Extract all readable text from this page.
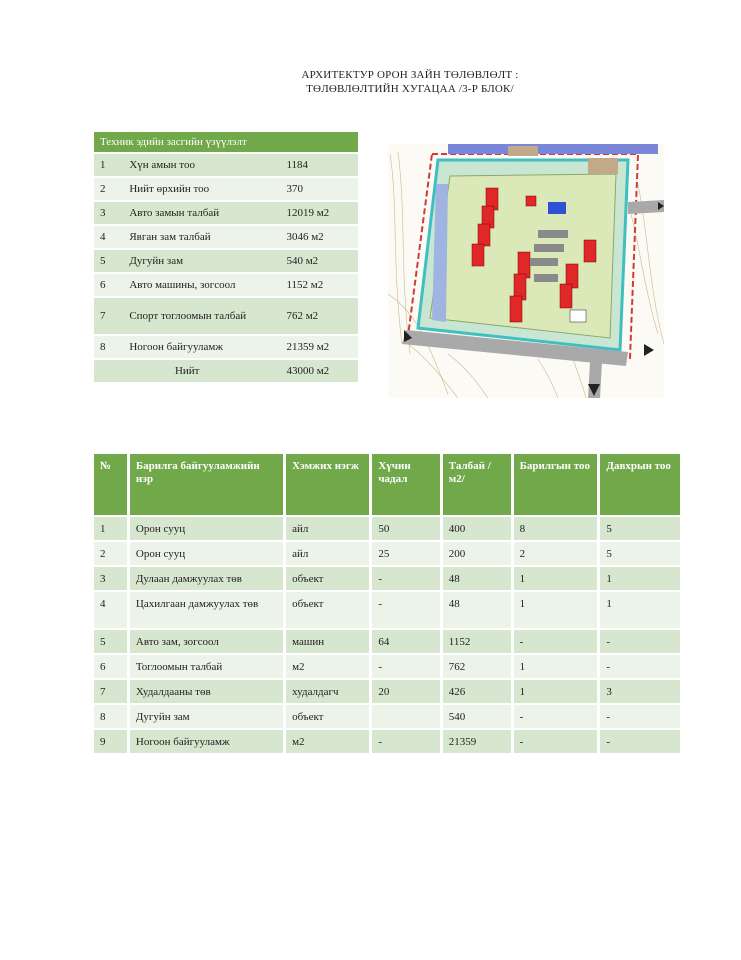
АРХИТЕКТУР ОРОН ЗАЙН ТӨЛӨВЛӨЛТ :
ТӨЛӨВЛӨЛТИЙН ХУГАЦАА /3-Р БЛОК/
Техник эдийн засгийн үзүүлэлт		
1	Хүн амын тоо	1184
2	Нийт өрхийн тоо	370
3	Авто замын талбай	12019 м2
4	Явган зам талбай	3046 м2
5	Дугуйн зам	540 м2
6	Авто машины, зогсоол	1152 м2
7	Спорт тоглоомын талбай	762 м2
8	Ногоон байгууламж	21359 м2
Нийт		43000 м2
№	Барилга байгууламжийн нэр	Хэмжих нэгж	Хүчин чадал	Талбай /м2/	Барилгын тоо	Давхрын тоо
1	Орон сууц	айл	50	400	8	5
2	Орон сууц	айл	25	200	2	5
3	Дулаан дамжуулах төв	объект	-	48	1	1
4	Цахилгаан дамжуулах төв	объект	-	48	1	1
5	Авто зам, зогсоол	машин	64	1152	-	-
6	Тоглоомын талбай	м2	-	762	1	-
7	Худалдааны төв	худалдагч	20	426	1	3
8	Дугуйн зам	объект		540	-	-
9	Ногоон байгууламж	м2	-	21359	-	-
